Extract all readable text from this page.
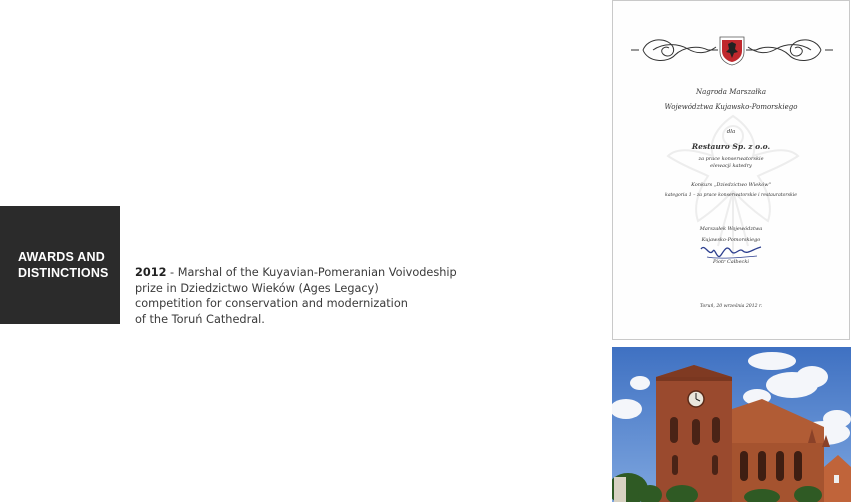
AWARDS AND
DISTINCTIONS	2012 - Marshal of the Kuyavian-Pomeranian Voivodeship
prize in Dziedzictwo Wieków (Ages Legacy)
competition for conservation and modernization
of the Toruń Cathedral.
Nagroda Marszałka
Województwa Kujawsko-Pomorskiego
dla
Restauro Sp. z o.o.
za prace konserwatorskie
elewacji katedry
Konkurs „Dziedzictwo Wieków"
kategoria 1 – za prace konserwatorskie i restauratorskie
Marszałek Województwa
Kujawsko-Pomorskiego
Piotr Całbecki
Toruń, 20 września 2012 r.
